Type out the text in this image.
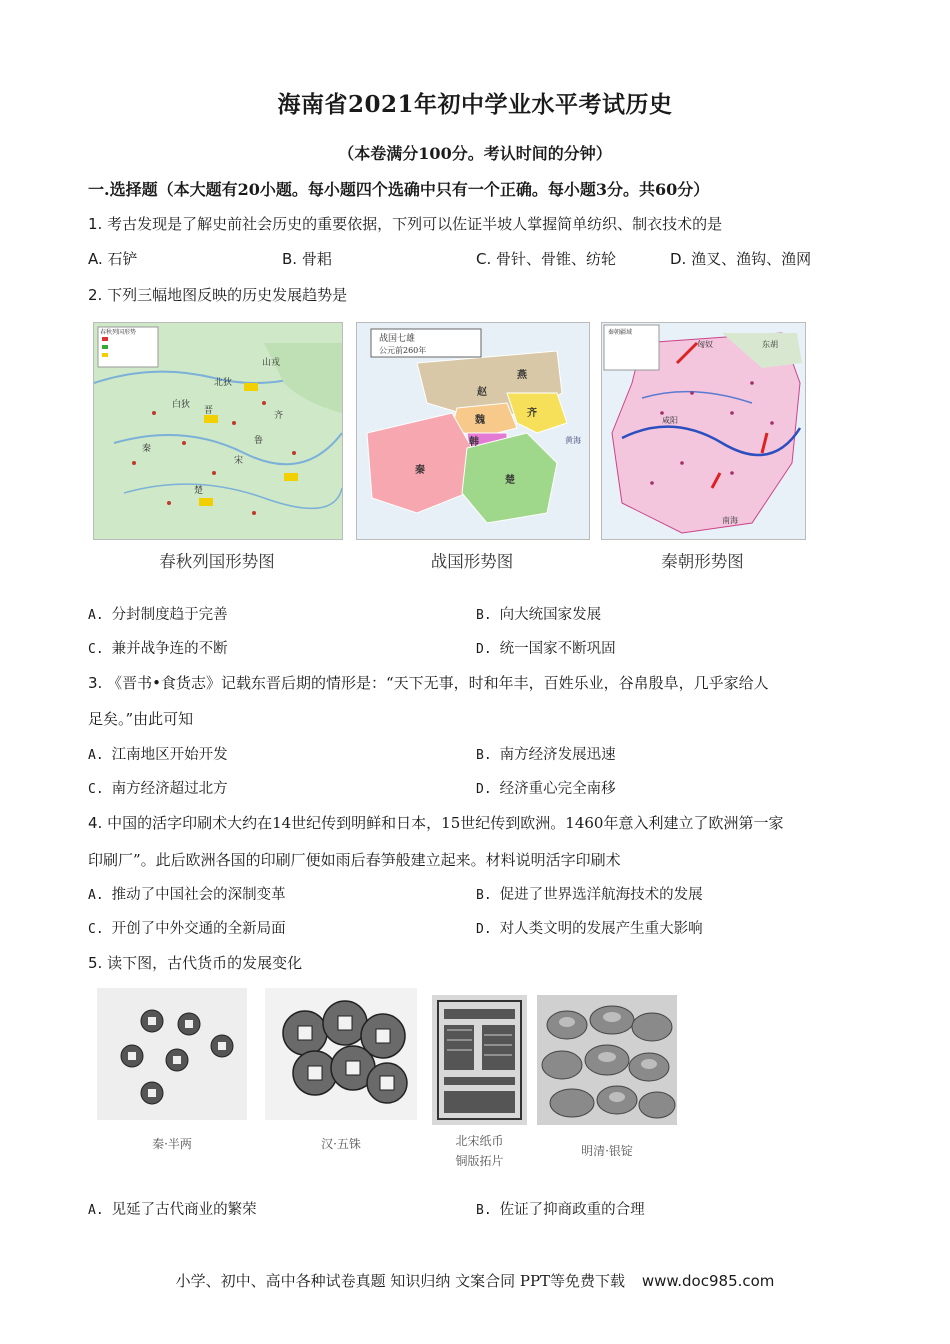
海南省2021年初中学业水平考试历史
（本卷满分100分。考认时间的分钟）
一.选择题（本大题有20小题。每小题四个选确中只有一个正确。每小题3分。共60分）
1. 考古发现是了解史前社会历史的重要依据，下列可以佐证半坡人掌握简单纺织、制衣技术的是
A. 石铲	B. 骨耜	C. 骨针、骨锥、纺轮	D. 渔叉、渔钩、渔网
2. 下列三幅地图反映的历史发展趋势是
春秋列国形势
山戎
北狄
白狄
晋	齐
鲁
宋
秦
楚
春秋列国形势图
战国七雄
公元前260年
燕
赵
齐
魏
韩
秦
楚
黄海
战国形势图
秦朝疆域
匈奴	东胡
咸阳
南海
秦朝形势图
A. 分封制度趋于完善	B. 向大统国家发展
C. 兼并战争连的不断	D. 统一国家不断巩固
3. 《晋书•食货志》记载东晋后期的情形是：“天下无事，时和年丰，百姓乐业，谷帛殷阜，几乎家给人
足矣。”由此可知
A. 江南地区开始开发	B. 南方经济发展迅速
C. 南方经济超过北方	D. 经济重心完全南移
4. 中国的活字印刷术大约在14世纪传到明鲜和日本，15世纪传到欧洲。1460年意入利建立了欧洲第一家
印刷厂”。此后欧洲各国的印刷厂便如雨后春笋般建立起来。材料说明活字印刷术
A. 推动了中国社会的深制变革	B. 促进了世界选洋航海技术的发展
C. 开创了中外交通的全新局面	D. 对人类文明的发展产生重大影响
5. 读下图，古代货币的发展变化
秦·半两	汉·五铢	北宋纸币
铜版拓片
明清·银锭
A. 见延了古代商业的繁荣	B. 佐证了抑商政重的合理
小学、初中、高中各种试卷真题 知识归纳 文案合同 PPT等免费下载 www.doc985.com
